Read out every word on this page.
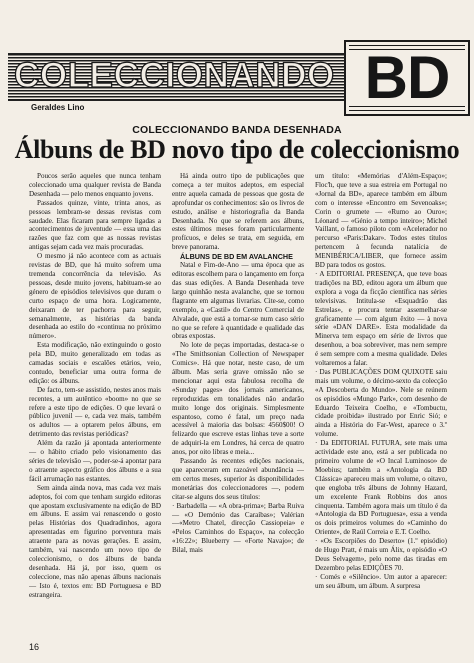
COLECCIONANDO BD
Geraldes Lino
COLECCIONANDO BANDA DESENHADA
Álbuns de BD novo tipo de coleccionismo

Poucos serão aqueles que nunca tenham coleccionado uma qualquer revista de Banda Desenhada — pelo menos enquanto jovens.

Passados quinze, vinte, trinta anos, as pessoas lembram-se dessas revistas com saudade. Elas ficaram para sempre ligadas a acontecimentos de juventude — essa uma das razões que faz com que as nossas revistas antigas sejam cada vez mais procuradas.

O mesmo já não acontece com as actuais revistas de BD, que há muito sofrem uma tremenda concorrência da televisão. As pessoas, desde muito jovens, habituam-se ao género de episódios televisivos que duram o curto espaço de uma hora. Logicamente, deixaram de ter pachorra para seguir, semanalmente, as histórias da banda desenhada ao estilo do «continua no próximo número».

Esta modificação, não extinguindo o gosto pela BD, muito generalizado em todas as camadas sociais e escalões etários, veio, contudo, beneficiar uma outra forma de edição: os álbuns.

De facto, tem-se assistido, nestes anos mais recentes, a um autêntico «boom» no que se refere a este tipo de edições. O que levará o público juvenil — e, cada vez mais, também os adultos — a optarem pelos álbuns, em detrimento das revistas periódicas?

Além da razão já apontada anteriormente — o hábito criado pelo visionamento das séries de televisão —, poder-se-á apontar para o atraente aspecto gráfico dos álbuns e a sua fácil arrumação nas estantes.

Sem ainda ainda nova, mas cada vez mais adeptos, foi com que tenham surgido editoras que apostam exclusivamente na edição de BD em álbuns. E assim vai renascendo o gosto pelas Histórias dos Quadradinhos, agora apresentadas em figurino porventura mais atraente para as novas gerações. E assim, também, vai nascendo um novo tipo de coleccionismo, o dos álbuns de banda desenhada. Há já, por isso, quem os coleccione, mas não apenas álbuns nacionais — Isto é, textos em: BD Portuguesa e BD estrangeira.

Há ainda outro tipo de publicações que começa a ter muitos adeptos, em especial entre aquela camada de pessoas que gosta de aprofundar os conhecimentos: são os livros de estudo, análise e historiografia da Banda Desenhada. No que se referem aos álbuns, estes últimos meses foram particularmente profícuos, e deles se trata, em seguida, em breve panorama.

ÁLBUNS DE BD EM AVALANCHE

Natal e Fim-de-Ano — uma época que as editoras escolhem para o lançamento em força das suas edições. A Banda Desenhada teve largo quinhão nesta avalanche, que se tornou flagrante em algumas livrarias. Cite-se, como exemplo, a «Castil» do Centro Comercial de Alvalade, que está a tornar-se num caso sério no que se refere à quantidade e qualidade das obras expostas.

No lote de peças importadas, destaca-se o «The Smithsonian Collection of Newspaper Comics». Há que notar, neste caso, de um álbum. Mas seria grave omissão não se mencionar aqui esta fabulosa recolha de «Sunday pages» dos jornais americanos, reproduzidas em tonalidades não andarão muito longe dos originais. Simplesmente espantoso, como é fatal, um preço nada acessível à maioria das bolsas: 4560$00! O felizardo que escreve estas linhas teve a sorte de adquiri-la em Londres, há cerca de quatro anos, por oito libras e meia...

Passando às recentes edições nacionais, que apareceram em razoável abundância — em certos meses, superior às disponibilidades monetárias dos coleccionadores —, podem citar-se alguns dos seus títulos:

· Barbadella — «A obra-prima»; Barba Ruiva — «O Demónio das Caraíbas»; Valérian —«Metro Chatel, direcção Cassiopeia» e «Pelos Caminhos do Espaço», na colecção «16:22»; Blueberry — «Forte Navajo»; de Bilal, mais

um título: «Memórias d'Além-Espaço»; Floc'h, que teve a sua estreia em Portugal no «Jornal da BD», aparece também em álbum com o interesse «Encontro em Sevenoaks»; Corin o grumete — «Rumo ao Ouro»; Léonard — «Génio a tempo inteiro»; Michel Vaillant, o famoso piloto com «Acelerador no percurso «Paris:Dakar». Todos estes títulos pertencem à fecunda natalícia de MENIBÉRICA/LIBER, que fornece assim BD para todos os gostos.

· A EDITORIAL PRESENÇA, que teve boas tradições na BD, editou agora um álbum que explora a voga da ficção científica nas séries televisivas. Intitula-se «Esquadrão das Estrelas», e procura tentar assemelhar-se graficamente — com algum êxito — à nova série «DAN DARE». Esta modalidade da Minerva tem espaço em série de livros que desenhou, a boa sobreviver, mas nem sempre é sem sempre com a mesma qualidade. Deles voltaremos a falar.

· Das PUBLICAÇÕES DOM QUIXOTE saiu mais um volume, o décimo-sexto da colecção «A Descoberta do Mundo». Nele se reúnem os episódios «Mungo Park», com desenho de Eduardo Teixeira Coelho, e «Tombuctu, cidade proibida» ilustrado por Enric Sió; e ainda a História do Far-West, aparece o 3.º volume.

· Da EDITORIAL FUTURA, sete mais uma actividade este ano, está a ser publicada no primeiro volume de «O Incal Luminoso» de Moebius; também a «Antologia da BD Clássica» apareceu mais um volume, o oitavo, que engloba três álbuns de Johnny Hazard, um excelente Frank Robbins dos anos cinquenta. Também agora mais um título é da «Antologia da BD Portuguesa», essa a venda os dois primeiros volumes do «Caminho do Oriente», de Raúl Correia e E.T. Coelho.

· «Os Escorpiões do Deserto» (1.º episódio) de Hugo Pratt, é mais um Álix, o episódio «O Deus Selvagem», pelo nome das tiradas em Dezembro pelas EDIÇÕES 70.

· Comés e «Silêncio». Um autor a aparecer: um seu álbum, um álbum. A surpresa

16
